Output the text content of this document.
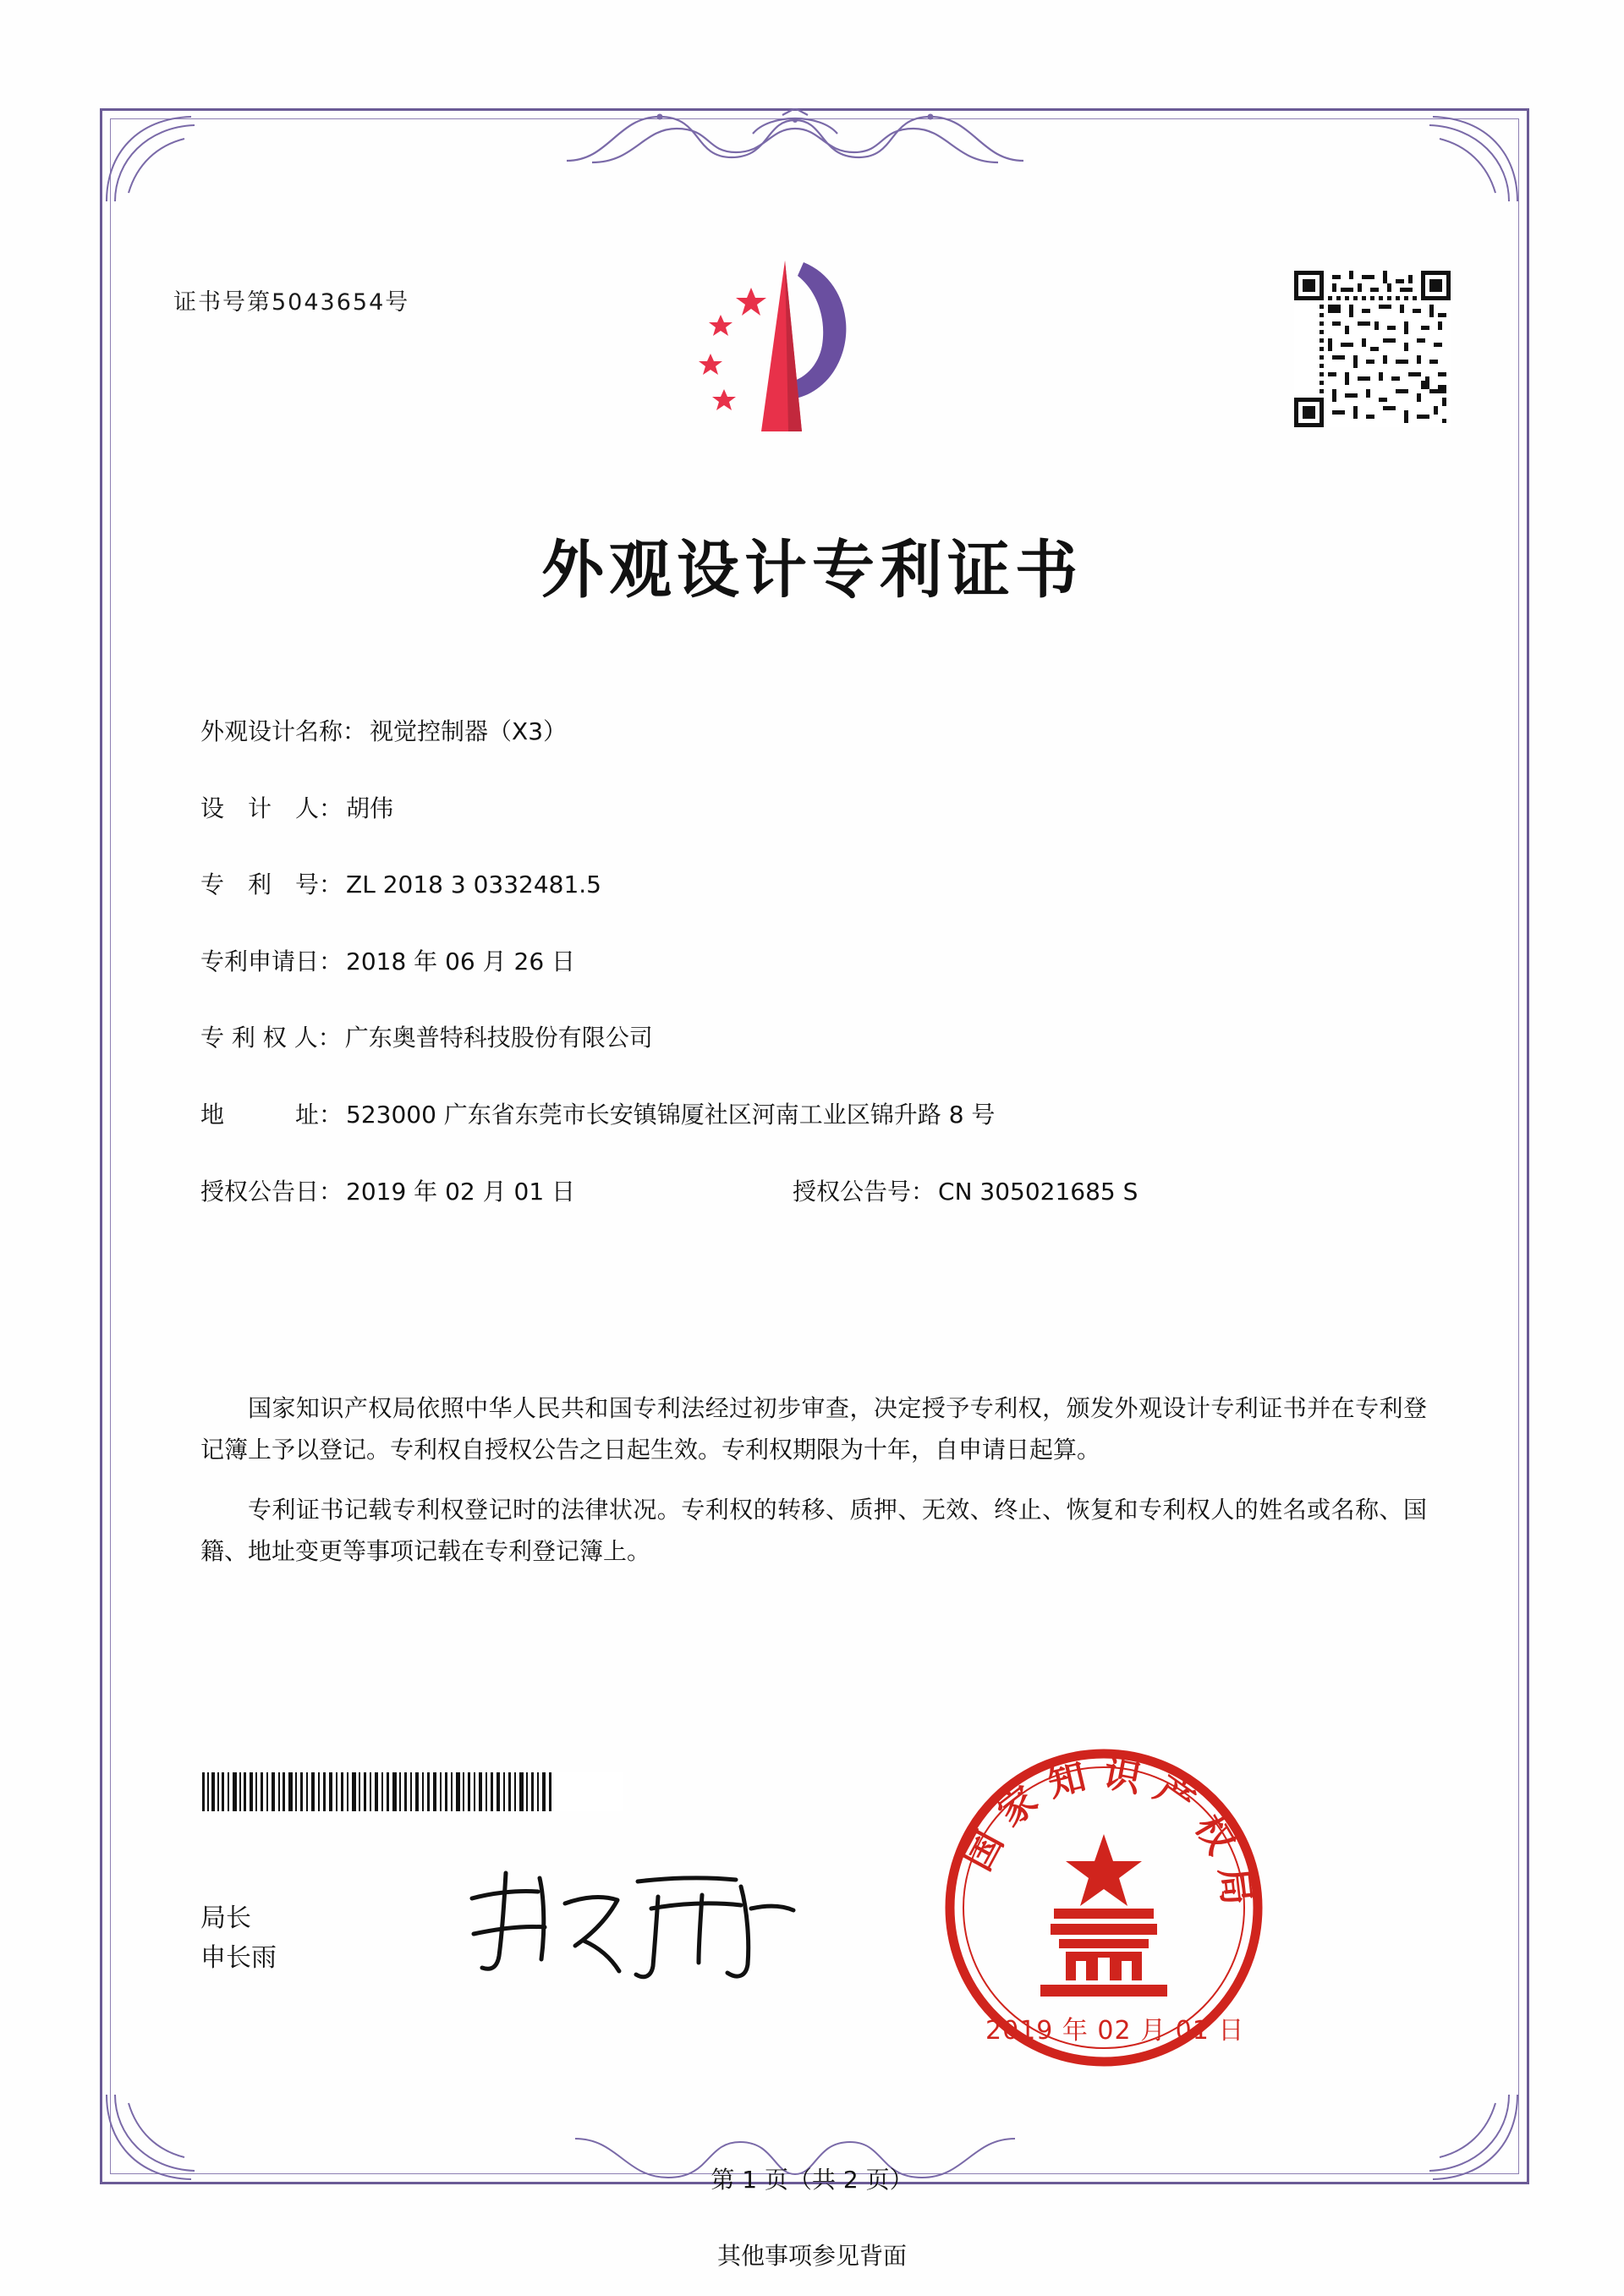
证书号第5043654号
外观设计专利证书
外观设计名称： 视觉控制器（X3）
设　计　人： 胡伟
专　利　号： ZL 2018 3 0332481.5
专利申请日： 2018 年 06 月 26 日
专 利 权 人： 广东奥普特科技股份有限公司
地　　　址： 523000 广东省东莞市长安镇锦厦社区河南工业区锦升路 8 号
授权公告日： 2019 年 02 月 01 日	授权公告号： CN 305021685 S

国家知识产权局依照中华人民共和国专利法经过初步审查，决定授予专利权，颁发外观设计专利证书并在专利登记簿上予以登记。专利权自授权公告之日起生效。专利权期限为十年，自申请日起算。

专利证书记载专利权登记时的法律状况。专利权的转移、质押、无效、终止、恢复和专利权人的姓名或名称、国籍、地址变更等事项记载在专利登记簿上。

局长
申长雨
国家知识产权局
2019 年 02 月 01 日
第 1 页（共 2 页）
其他事项参见背面
